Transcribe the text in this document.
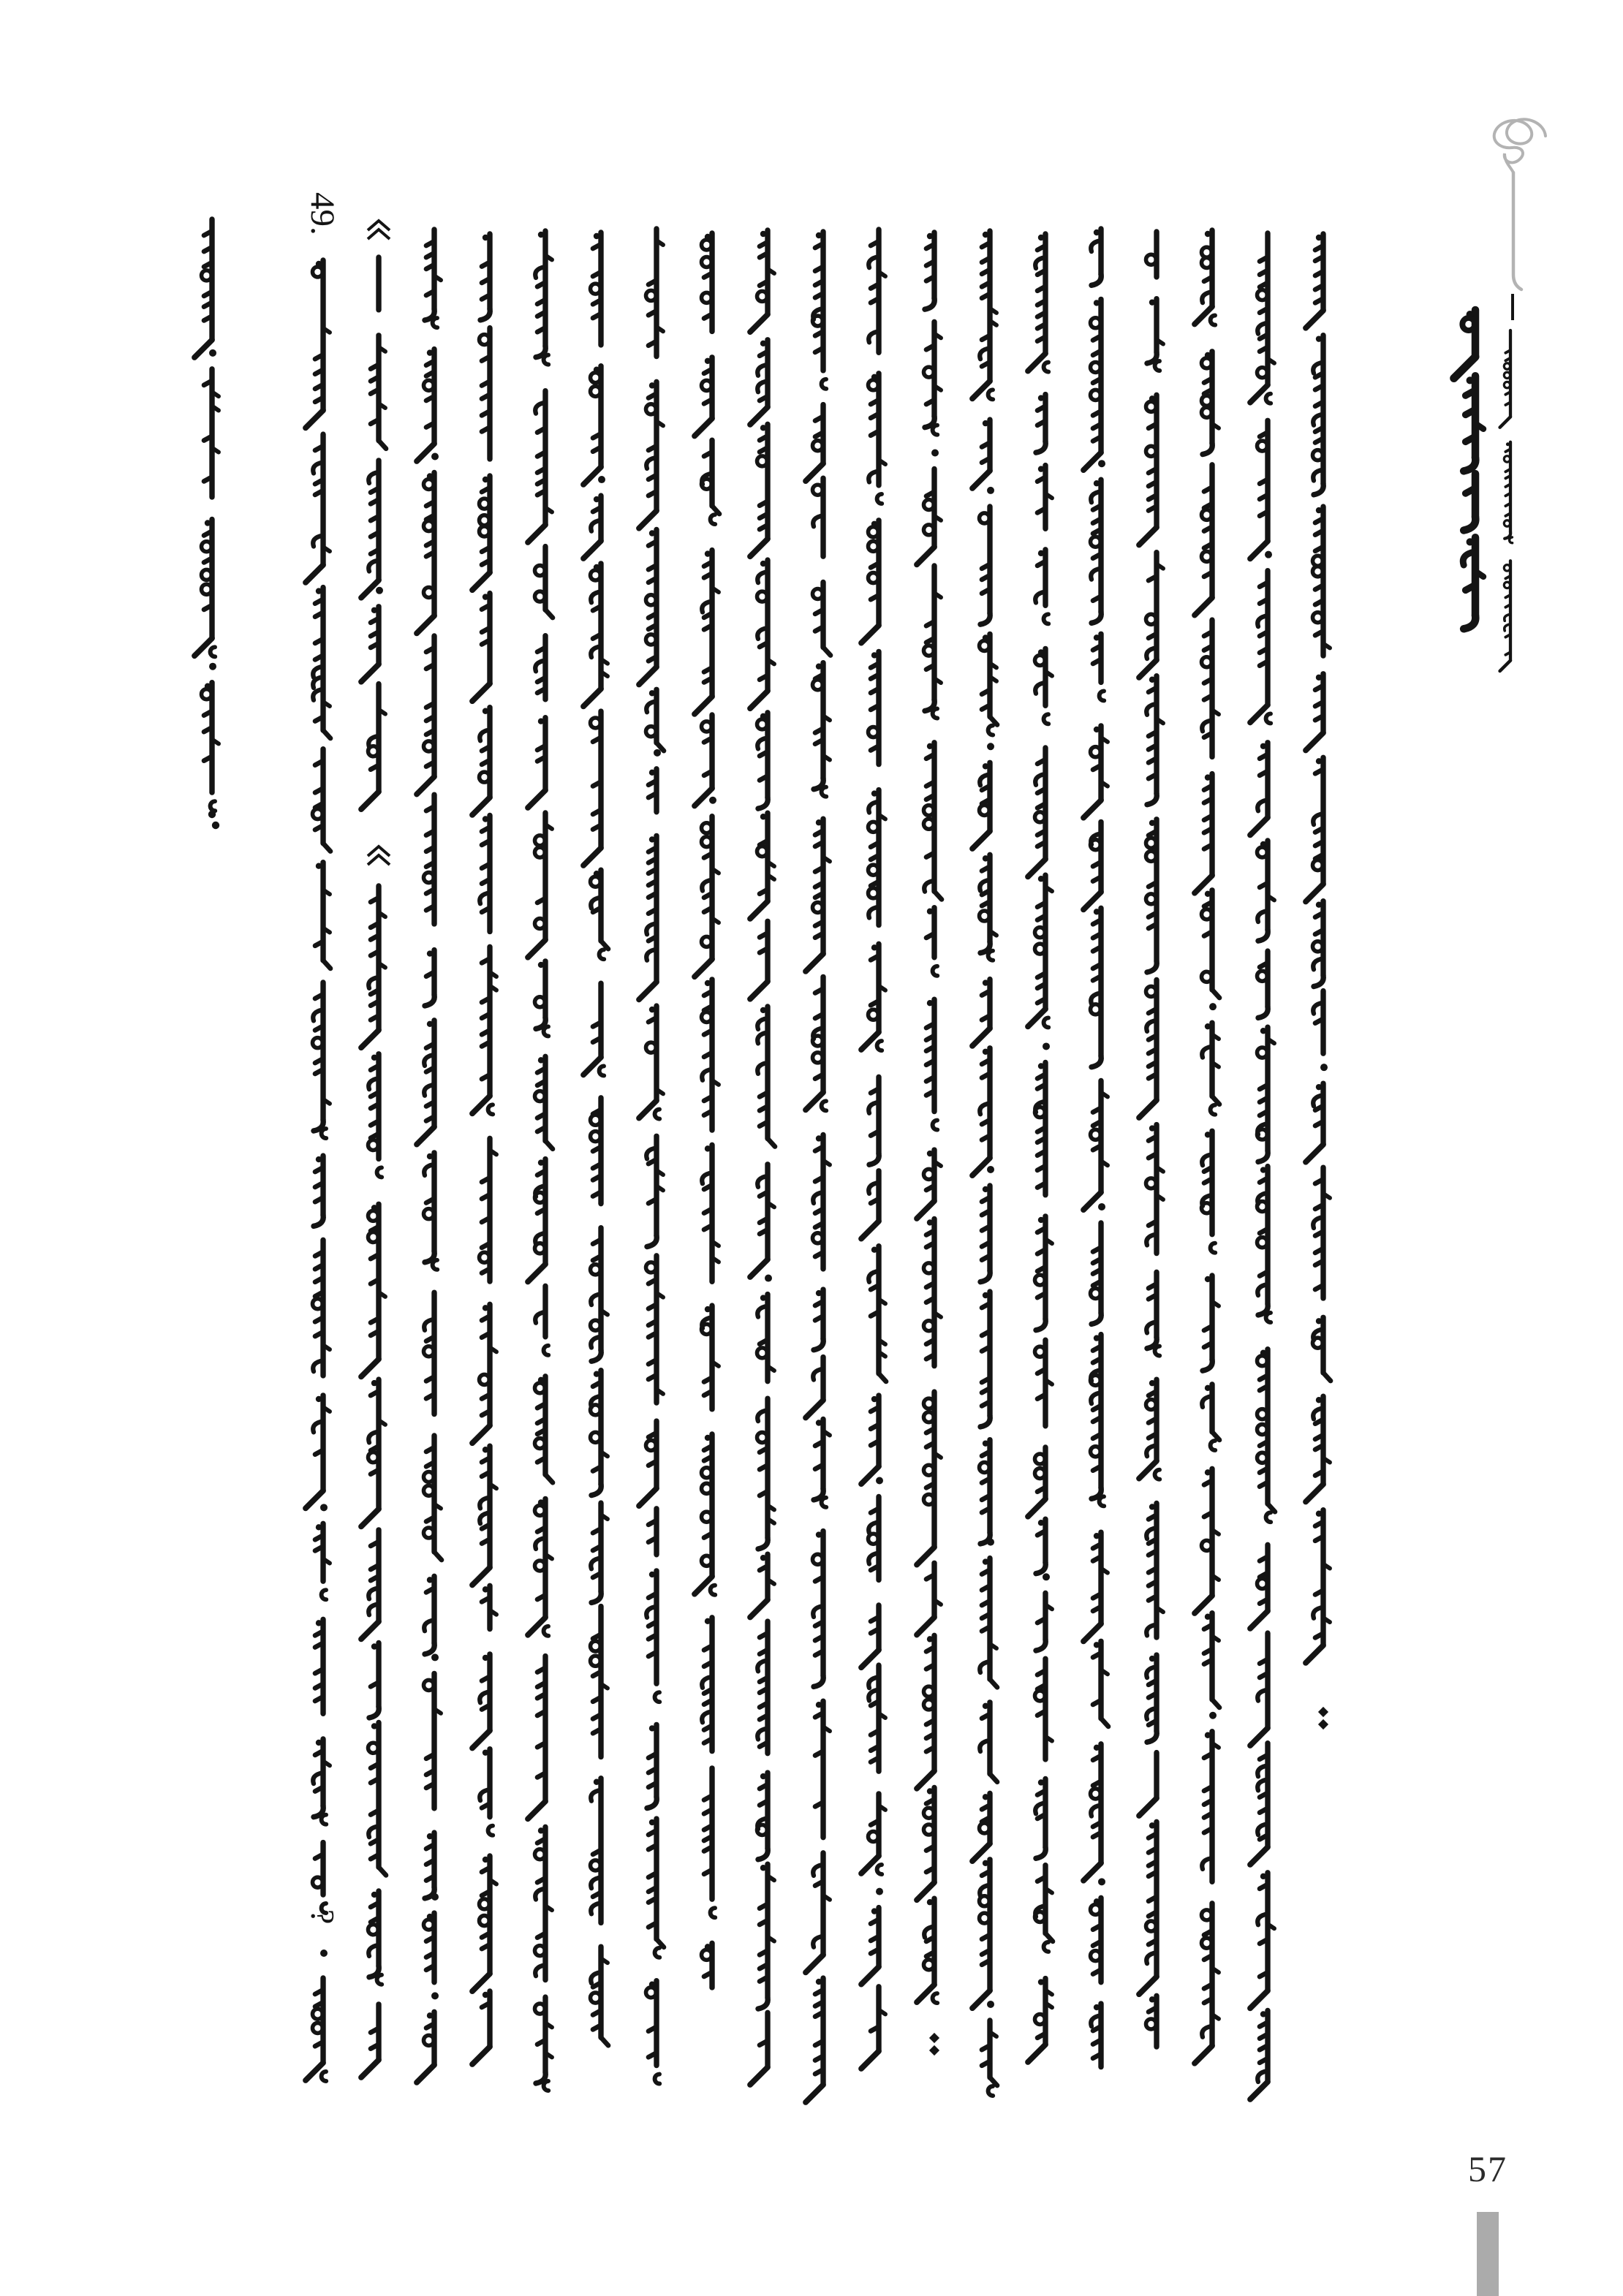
49.
?
57
